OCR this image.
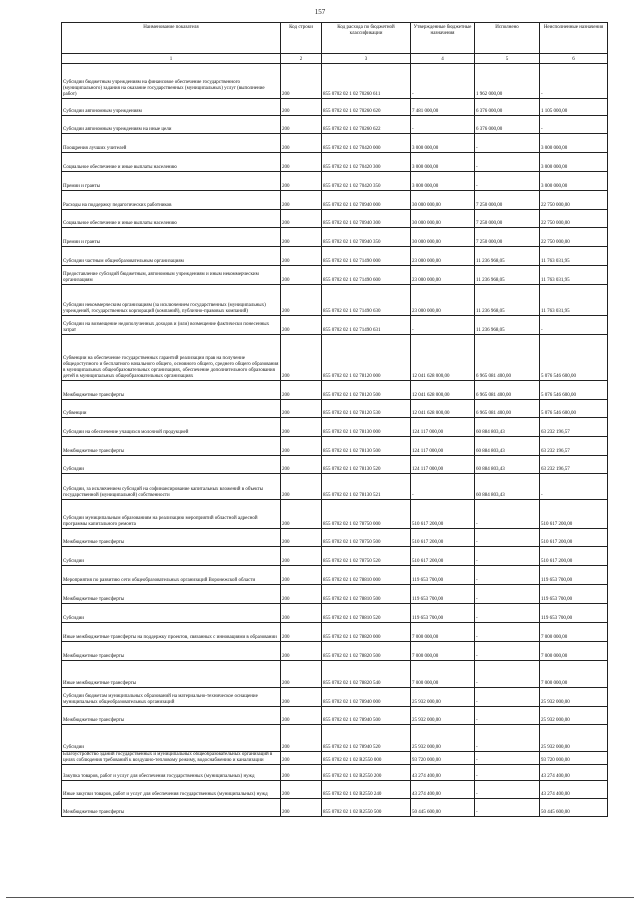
157
Наименование показателя	Код строки	Код расхода по бюджетной классификации	Утвержденные бюджетные назначения	Исполнено	Неисполненные назначения
1	2	3	4	5	6
Субсидии бюджетным учреждениям на финансовое обеспечение государственного (муниципального) задания на оказание государственных (муниципальных) услуг (выполнение работ)	200	855 0702 02 1 02 70260 611	-	1 962 000,00	-
Субсидии автономным учреждениям	200	855 0702 02 1 02 70260 620	7 481 000,00	6 376 000,00	1 105 000,00
Субсидии автономным учреждениям на иные цели	200	855 0702 02 1 02 70260 622	-	6 376 000,00	-
Поощрения лучших учителей	200	855 0702 02 1 02 70420 000	3 000 000,00	-	3 000 000,00
Социальное обеспечение и иные выплаты населению	200	855 0702 02 1 02 70420 300	3 000 000,00	-	3 000 000,00
Премии и гранты	200	855 0702 02 1 02 70420 350	3 000 000,00	-	3 000 000,00
Расходы на поддержку педагогических работников	200	855 0702 02 1 02 70940 000	30 000 000,00	7 250 000,00	22 750 000,00
Социальное обеспечение и иные выплаты населению	200	855 0702 02 1 02 70940 300	30 000 000,00	7 250 000,00	22 750 000,00
Премии и гранты	200	855 0702 02 1 02 70940 350	30 000 000,00	7 250 000,00	22 750 000,00
Субсидии частным общеобразовательным организациям	200	855 0702 02 1 02 71490 000	23 000 000,00	11 236 968,05	11 763 031,95
Предоставление субсидий бюджетным, автономным учреждениям и иным некоммерческим организациям	200	855 0702 02 1 02 71490 600	23 000 000,00	11 236 968,05	11 763 031,95
Субсидии некоммерческим организациям (за исключением государственных (муниципальных) учреждений, государственных корпораций (компаний), публично-правовых компаний)	200	855 0702 02 1 02 71490 630	23 000 000,00	11 236 968,05	11 763 031,95
Субсидии на возмещение недополученных доходов и (или) возмещение фактически понесенных затрат	200	855 0702 02 1 02 71490 631	-	11 236 968,05	-
Субвенции на обеспечение государственных гарантий реализации прав на получение общедоступного и бесплатного начального общего, основного общего, среднего общего образования в муниципальных общеобразовательных организациях, обеспечение дополнительного образования детей в муниципальных общеобразовательных организациях	200	855 0702 02 1 02 78120 000	12 041 628 000,00	6 965 081 400,00	5 076 546 600,00
Межбюджетные трансферты	200	855 0702 02 1 02 78120 500	12 041 628 000,00	6 965 081 400,00	5 076 546 600,00
Субвенции	200	855 0702 02 1 02 78120 530	12 041 628 000,00	6 965 081 400,00	5 076 546 600,00
Субсидии на обеспечение учащихся молочной продукцией	200	855 0702 02 1 02 78130 000	124 117 000,00	60 884 803,43	63 232 196,57
Межбюджетные трансферты	200	855 0702 02 1 02 78130 500	124 117 000,00	60 884 803,43	63 232 196,57
Субсидии	200	855 0702 02 1 02 78130 520	124 117 000,00	60 884 803,43	63 232 196,57
Субсидии, за исключением субсидий на софинансирование капитальных вложений в объекты государственной (муниципальной) собственности	200	855 0702 02 1 02 78130 521	-	60 884 803,43	-
Субсидии муниципальным образованиям на реализацию мероприятий областной адресной программы капитального ремонта	200	855 0702 02 1 02 78750 000	510 617 200,00	-	510 617 200,00
Межбюджетные трансферты	200	855 0702 02 1 02 78750 500	510 617 200,00	-	510 617 200,00
Субсидии	200	855 0702 02 1 02 78750 520	510 617 200,00	-	510 617 200,00
Мероприятия по развитию сети общеобразовательных организаций Воронежской области	200	855 0702 02 1 02 78810 000	119 653 700,00	-	119 653 700,00
Межбюджетные трансферты	200	855 0702 02 1 02 78810 500	119 653 700,00	-	119 653 700,00
Субсидии	200	855 0702 02 1 02 78810 520	119 653 700,00	-	119 653 700,00
Иные межбюджетные трансферты на поддержку проектов, связанных с инновациями в образовании	200	855 0702 02 1 02 78820 000	7 000 000,00	-	7 000 000,00
Межбюджетные трансферты	200	855 0702 02 1 02 78820 500	7 000 000,00	-	7 000 000,00
Иные межбюджетные трансферты	200	855 0702 02 1 02 78820 540	7 000 000,00	-	7 000 000,00
Субсидии бюджетам муниципальных образований на материально-техническое оснащение муниципальных общеобразовательных организаций	200	855 0702 02 1 02 78940 000	25 932 000,00	-	25 932 000,00
Межбюджетные трансферты	200	855 0702 02 1 02 78940 500	25 932 000,00	-	25 932 000,00
Субсидии	200	855 0702 02 1 02 78940 520	25 932 000,00	-	25 932 000,00
Благоустройство зданий государственных и муниципальных общеобразовательных организаций в целях соблюдения требований к воздушно-тепловому режиму, водоснабжению и канализации	200	855 0702 02 1 02 R2550 000	93 720 000,00	-	93 720 000,00
Закупка товаров, работ и услуг для обеспечения государственных (муниципальных) нужд	200	855 0702 02 1 02 R2550 200	43 274 400,00	-	43 274 400,00
Иные закупки товаров, работ и услуг для обеспечения государственных (муниципальных) нужд	200	855 0702 02 1 02 R2550 240	43 274 400,00	-	43 274 400,00
Межбюджетные трансферты	200	855 0702 02 1 02 R2550 500	50 445 600,00	-	50 445 600,00
